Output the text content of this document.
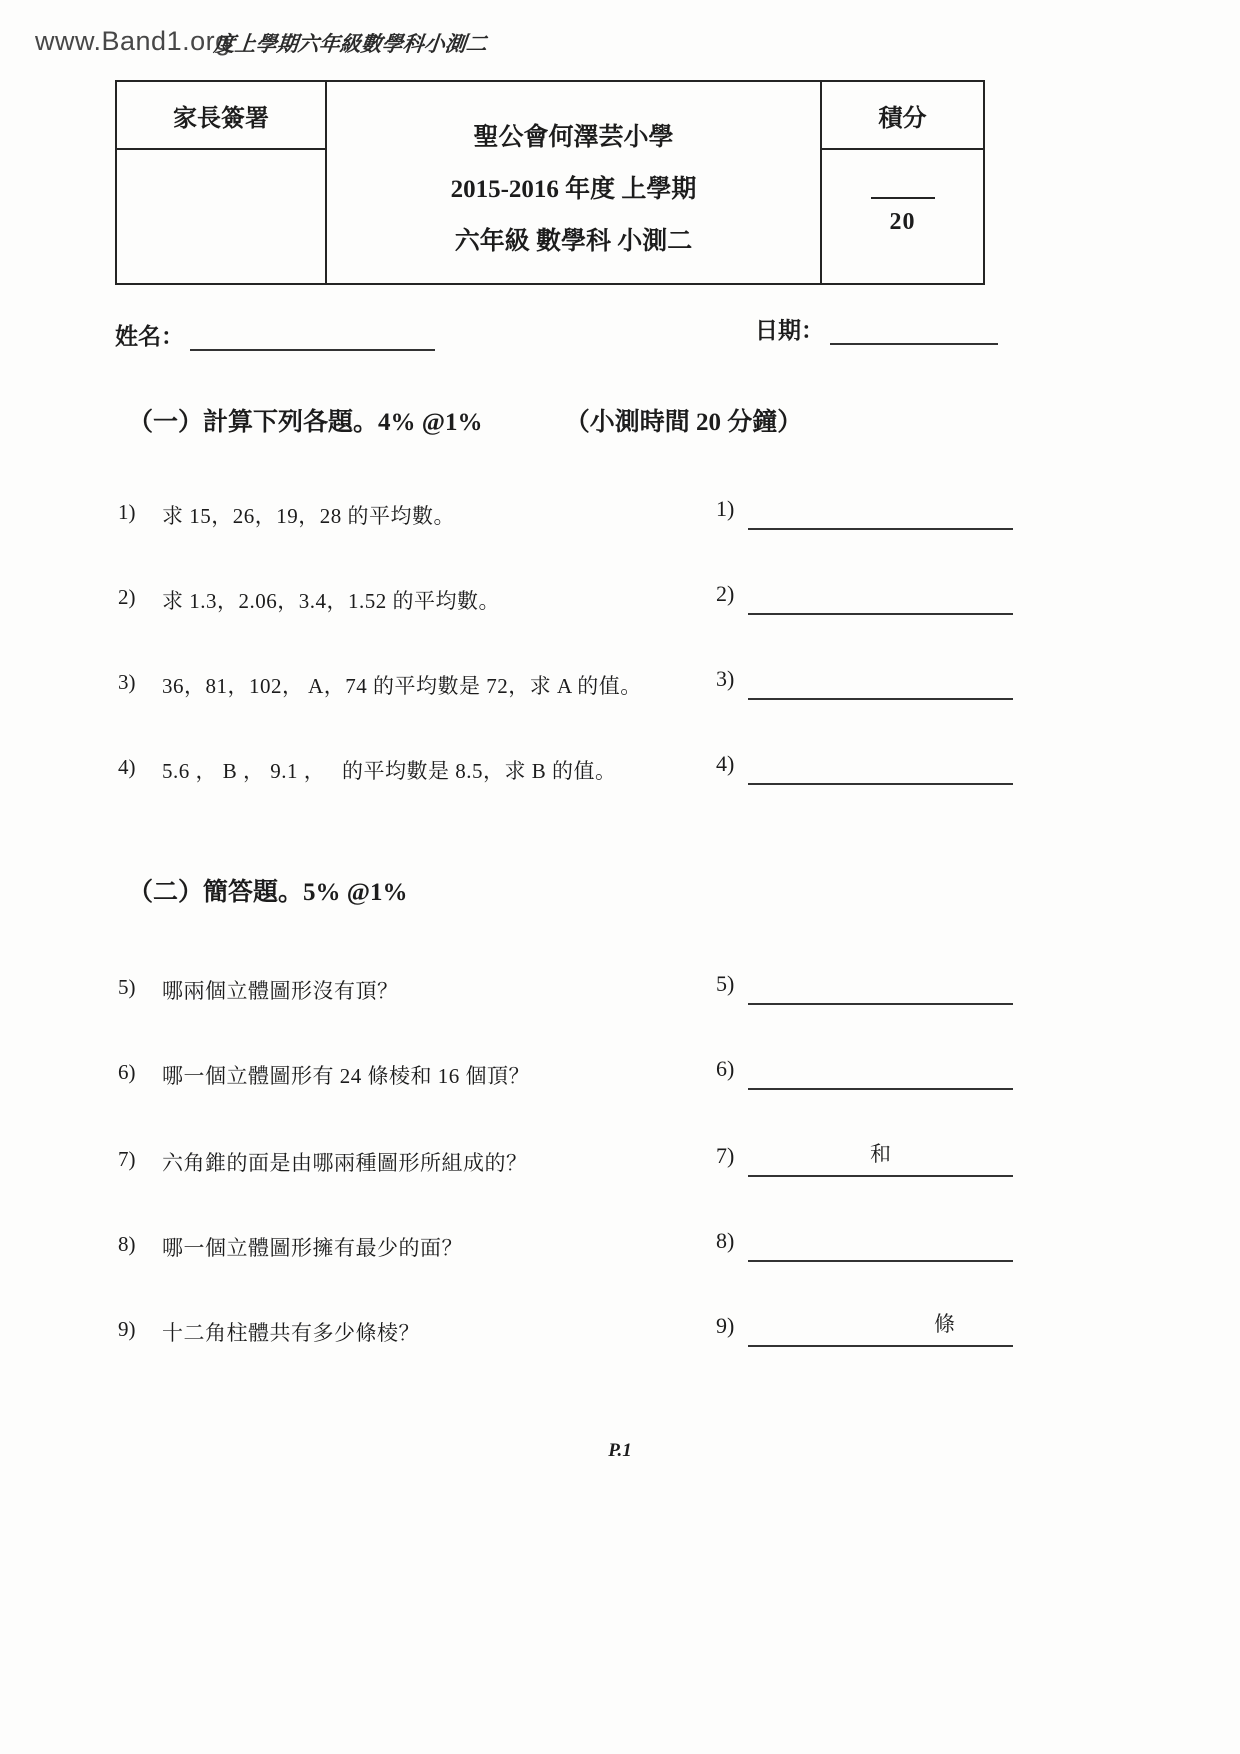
www.Band1.org
度上學期六年級數學科小測二
家長簽署
聖公會何澤芸小學
2015-2016 年度 上學期
六年級 數學科 小測二
積分
20
姓名：	日期：
（一）計算下列各題。4% @1%	（小測時間 20 分鐘）
1) 求 15，26，19，28 的平均數。	1)
2) 求 1.3，2.06，3.4，1.52 的平均數。	2)
3) 36，81，102， A，74 的平均數是 72，求 A 的值。	3)
4) 5.6 ， B ， 9.1 ，　 的平均數是 8.5，求 B 的值。	4)
（二）簡答題。5% @1%
5) 哪兩個立體圖形沒有頂？	5)
6) 哪一個立體圖形有 24 條棱和 16 個頂？	6)
7) 六角錐的面是由哪兩種圖形所組成的？	7)	和
8) 哪一個立體圖形擁有最少的面？	8)
9) 十二角柱體共有多少條棱？	9)	條
P.1
